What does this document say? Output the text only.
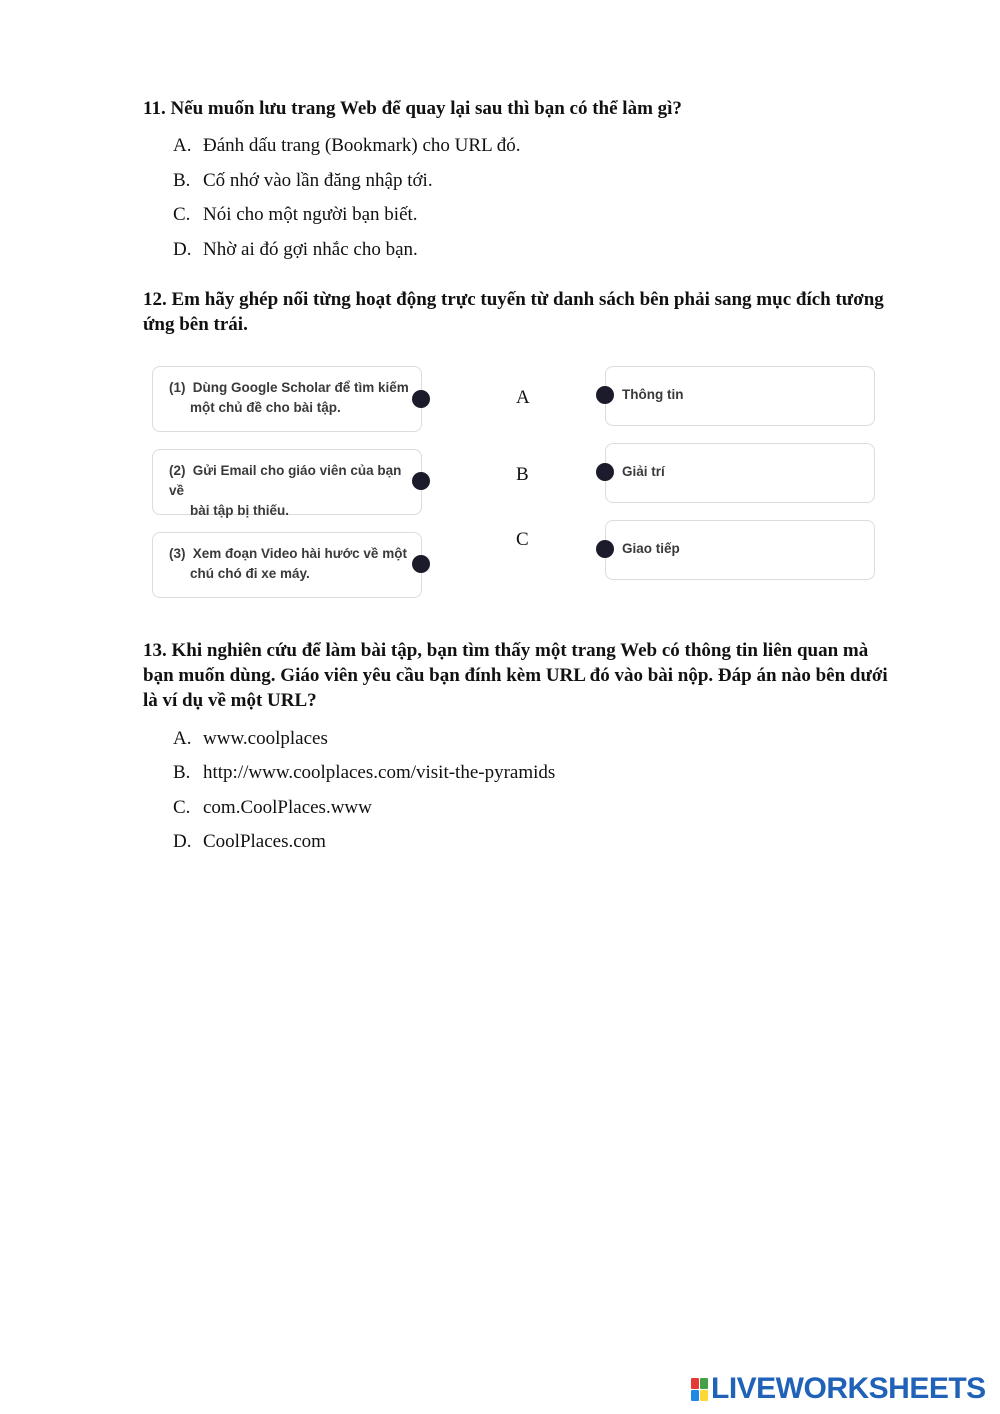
11. Nếu muốn lưu trang Web để quay lại sau thì bạn có thể làm gì?
A. Đánh dấu trang (Bookmark) cho URL đó.
B. Cố nhớ vào lần đăng nhập tới.
C. Nói cho một người bạn biết.
D. Nhờ ai đó gợi nhắc cho bạn.
12. Em hãy ghép nối từng hoạt động trực tuyến từ danh sách bên phải sang mục đích tương ứng bên trái.
(1) Dùng Google Scholar để tìm kiếm
một chủ đề cho bài tập.
(2) Gửi Email cho giáo viên của bạn về
bài tập bị thiếu.
(3) Xem đoạn Video hài hước về một
chú chó đi xe máy.
A
B
C
Thông tin
Giải trí
Giao tiếp
13. Khi nghiên cứu để làm bài tập, bạn tìm thấy một trang Web có thông tin liên quan mà bạn muốn dùng. Giáo viên yêu cầu bạn đính kèm URL đó vào bài nộp. Đáp án nào bên dưới là ví dụ về một URL?
A. www.coolplaces
B. http://www.coolplaces.com/visit-the-pyramids
C. com.CoolPlaces.www
D. CoolPlaces.com
LIVEWORKSHEETS
